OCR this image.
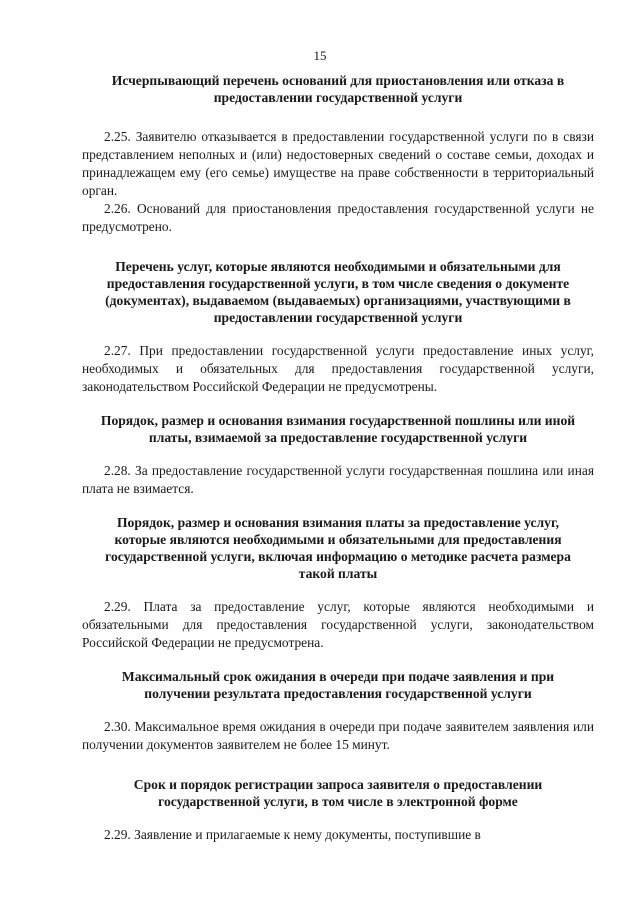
15

Исчерпывающий перечень оснований для приостановления или отказа в предоставлении государственной услуги

2.25. Заявителю отказывается в предоставлении государственной услуги по в связи представлением неполных и (или) недостоверных сведений о составе семьи, доходах и принадлежащем ему (его семье) имуществе на праве собственности в территориальный орган.

2.26. Оснований для приостановления предоставления государственной услуги не предусмотрено.

Перечень услуг, которые являются необходимыми и обязательными для предоставления государственной услуги, в том числе сведения о документе (документах), выдаваемом (выдаваемых) организациями, участвующими в предоставлении государственной услуги

2.27. При предоставлении государственной услуги предоставление иных услуг, необходимых и обязательных для предоставления государственной услуги, законодательством Российской Федерации не предусмотрены.

Порядок, размер и основания взимания государственной пошлины или иной платы, взимаемой за предоставление государственной услуги

2.28. За предоставление государственной услуги государственная пошлина или иная плата не взимается.

Порядок, размер и основания взимания платы за предоставление услуг, которые являются необходимыми и обязательными для предоставления государственной услуги, включая информацию о методике расчета размера такой платы

2.29. Плата за предоставление услуг, которые являются необходимыми и обязательными для предоставления государственной услуги, законодательством Российской Федерации не предусмотрена.

Максимальный срок ожидания в очереди при подаче заявления и при получении результата предоставления государственной услуги

2.30. Максимальное время ожидания в очереди при подаче заявителем заявления или получении документов заявителем не более 15 минут.

Срок и порядок регистрации запроса заявителя о предоставлении государственной услуги, в том числе в электронной форме

2.29. Заявление и прилагаемые к нему документы, поступившие в
